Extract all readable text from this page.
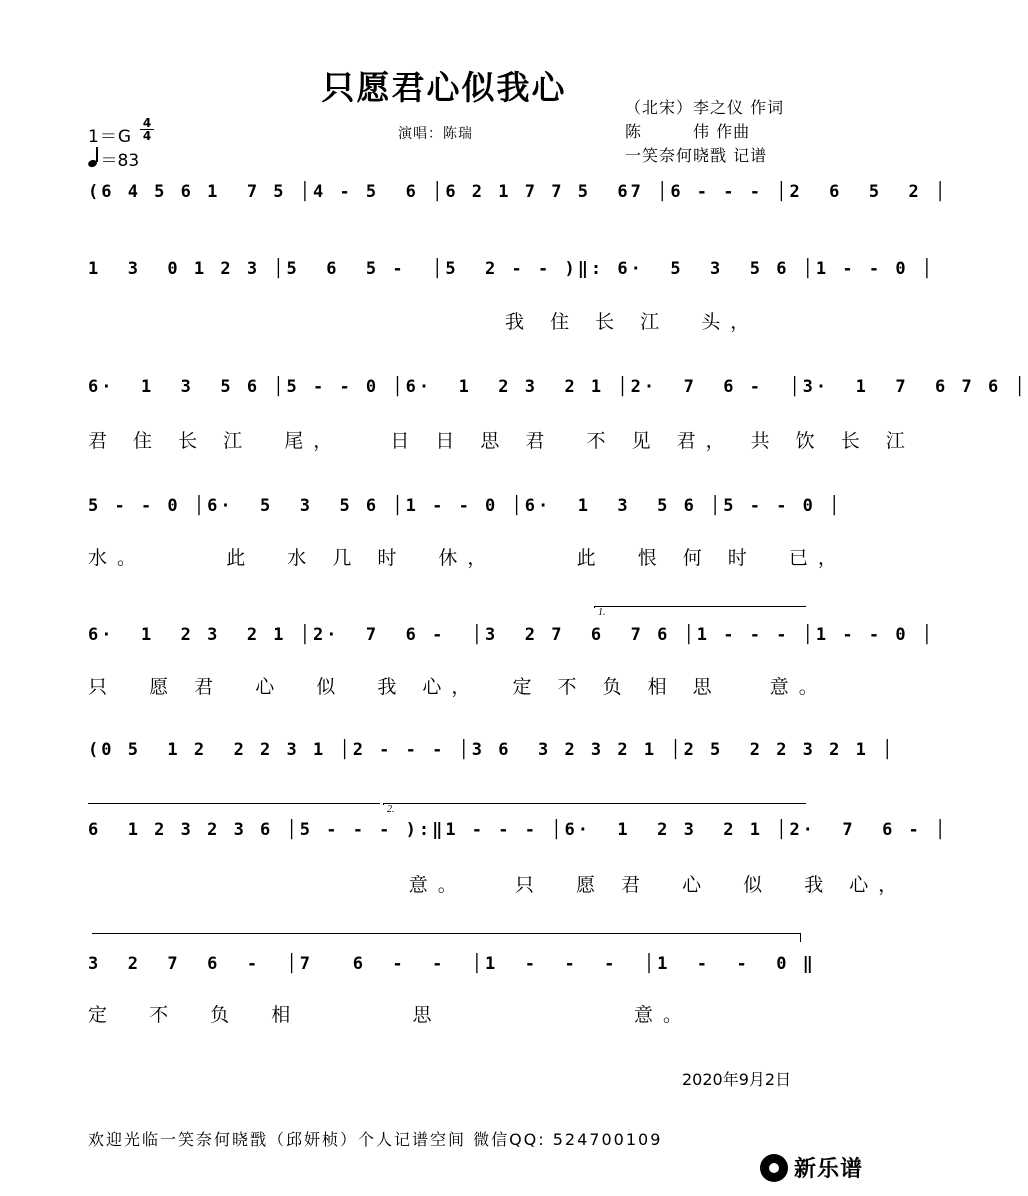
只愿君心似我心
$1=G \frac{4}{4}$
＝83
演唱：陈瑞
（北宋）李之仪 作词
陈　　　伟 作曲
一笑奈何晓戬 记谱
(6 4 5 6 1  7 5 │4 - 5  6 │6 2 1 7 7 5  67 │6 - - - │2  6  5  2 │
1  3  0 1 2 3 │5  6  5 -  │5  2 - - )‖: 6·  5  3  5 6 │1 - - 0 │
我 住 长 江  头，
6·  1  3  5 6 │5 - - 0 │6·  1  2 3  2 1 │2·  7  6 -  │3·  1  7  6 7 6 │
君 住 长 江  尾，   日 日 思 君  不 见 君， 共 饮 长 江
5 - - 0 │6·  5  3  5 6 │1 - - 0 │6·  1  3  5 6 │5 - - 0 │
水。     此  水 几 时  休，     此  恨 何 时  已，
1.
6·  1  2 3  2 1 │2·  7  6 -  │3  2 7  6  7 6 │1 - - - │1 - - 0 │
只  愿 君  心  似  我 心，  定 不 负 相 思   意。
(0 5  1 2  2 2 3 1 │2 - - - │3 6  3 2 3 2 1 │2 5  2 2 3 2 1 │
2.
6  1 2 3 2 3 6 │5 - - - ):‖1 - - - │6·  1  2 3  2 1 │2·  7  6 - │
意。   只  愿 君  心  似  我 心，
3  2  7  6  -  │7   6  -  -  │1  -  -  -  │1  -  -  0 ‖
定  不  负  相       思            意。
2020年9月2日
欢迎光临一笑奈何晓戬（邱妍桢）个人记谱空间 微信QQ: 524700109
新乐谱
